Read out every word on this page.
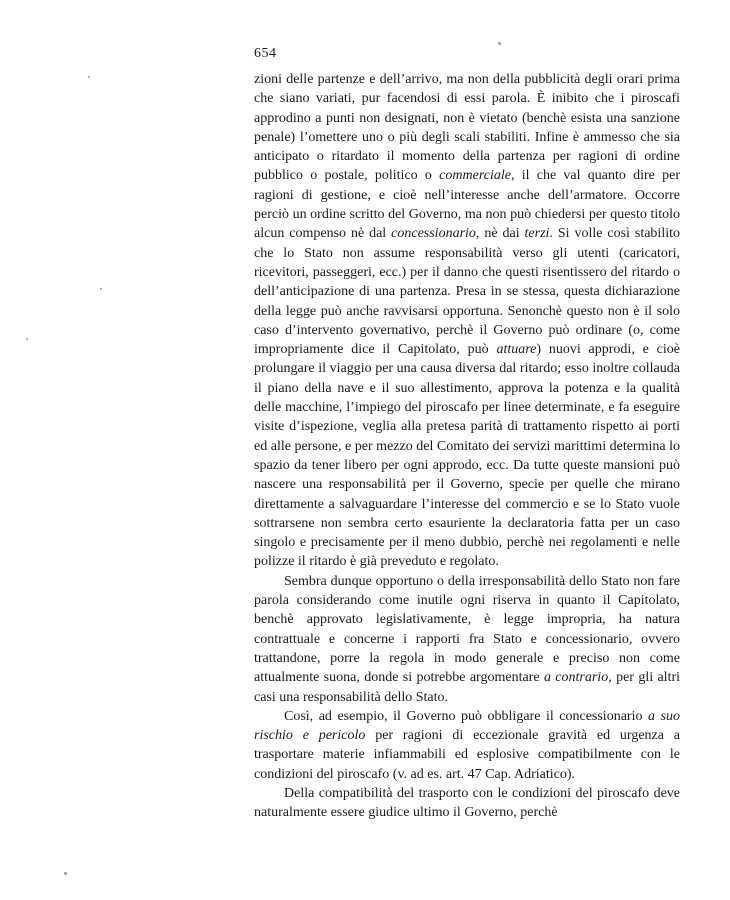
654

zioni delle partenze e dell’arrivo, ma non della pubblicità degli orari prima che siano variati, pur facendosi di essi parola. È inibito che i piroscafi approdino a punti non designati, non è vietato (benchè esista una sanzione penale) l’omettere uno o più degli scali stabiliti. Infine è ammesso che sia anticipato o ritardato il momento della partenza per ragioni di ordine pubblico o postale, politico o commerciale, il che val quanto dire per ragioni di gestione, e cioè nell’interesse anche dell’armatore. Occorre perciò un ordine scritto del Governo, ma non può chiedersi per questo titolo alcun compenso nè dal concessionario, nè dai terzi. Si volle così stabilito che lo Stato non assume responsabilità verso gli utenti (caricatori, ricevitori, passeggeri, ecc.) per il danno che questi risentissero del ritardo o dell’anticipazione di una partenza. Presa in se stessa, questa dichiarazione della legge può anche ravvisarsi opportuna. Senonchè questo non è il solo caso d’intervento governativo, perchè il Governo può ordinare (o, come impropriamente dice il Capitolato, può attuare) nuovi approdi, e cioè prolungare il viaggio per una causa diversa dal ritardo; esso inoltre collauda il piano della nave e il suo allestimento, approva la potenza e la qualità delle macchine, l’impiego del piroscafo per linee determinate, e fa eseguire visite d’ispezione, veglia alla pretesa parità di trattamento rispetto ai porti ed alle persone, e per mezzo del Comitato dei servizi marittimi determina lo spazio da tener libero per ogni approdo, ecc. Da tutte queste mansioni può nascere una responsabilità per il Governo, specie per quelle che mirano direttamente a salvaguardare l’interesse del commercio e se lo Stato vuole sottrarsene non sembra certo esauriente la declaratoria fatta per un caso singolo e precisamente per il meno dubbio, perchè nei regolamenti e nelle polizze il ritardo è già preveduto e regolato.

Sembra dunque opportuno o della irresponsabilità dello Stato non fare parola considerando come inutile ogni riserva in quanto il Capitolato, benchè approvato legislativamente, è legge impropria, ha natura contrattuale e concerne i rapporti fra Stato e concessionario, ovvero trattandone, porre la regola in modo generale e preciso non come attualmente suona, donde si potrebbe argomentare a contrario, per gli altri casi una responsabilità dello Stato.

Così, ad esempio, il Governo può obbligare il concessionario a suo rischio e pericolo per ragioni di eccezionale gravità ed urgenza a trasportare materie infiammabili ed esplosive compatibilmente con le condizioni del piroscafo (v. ad es. art. 47 Cap. Adriatico).

Della compatibilità del trasporto con le condizioni del piroscafo deve naturalmente essere giudice ultimo il Governo, perchè
